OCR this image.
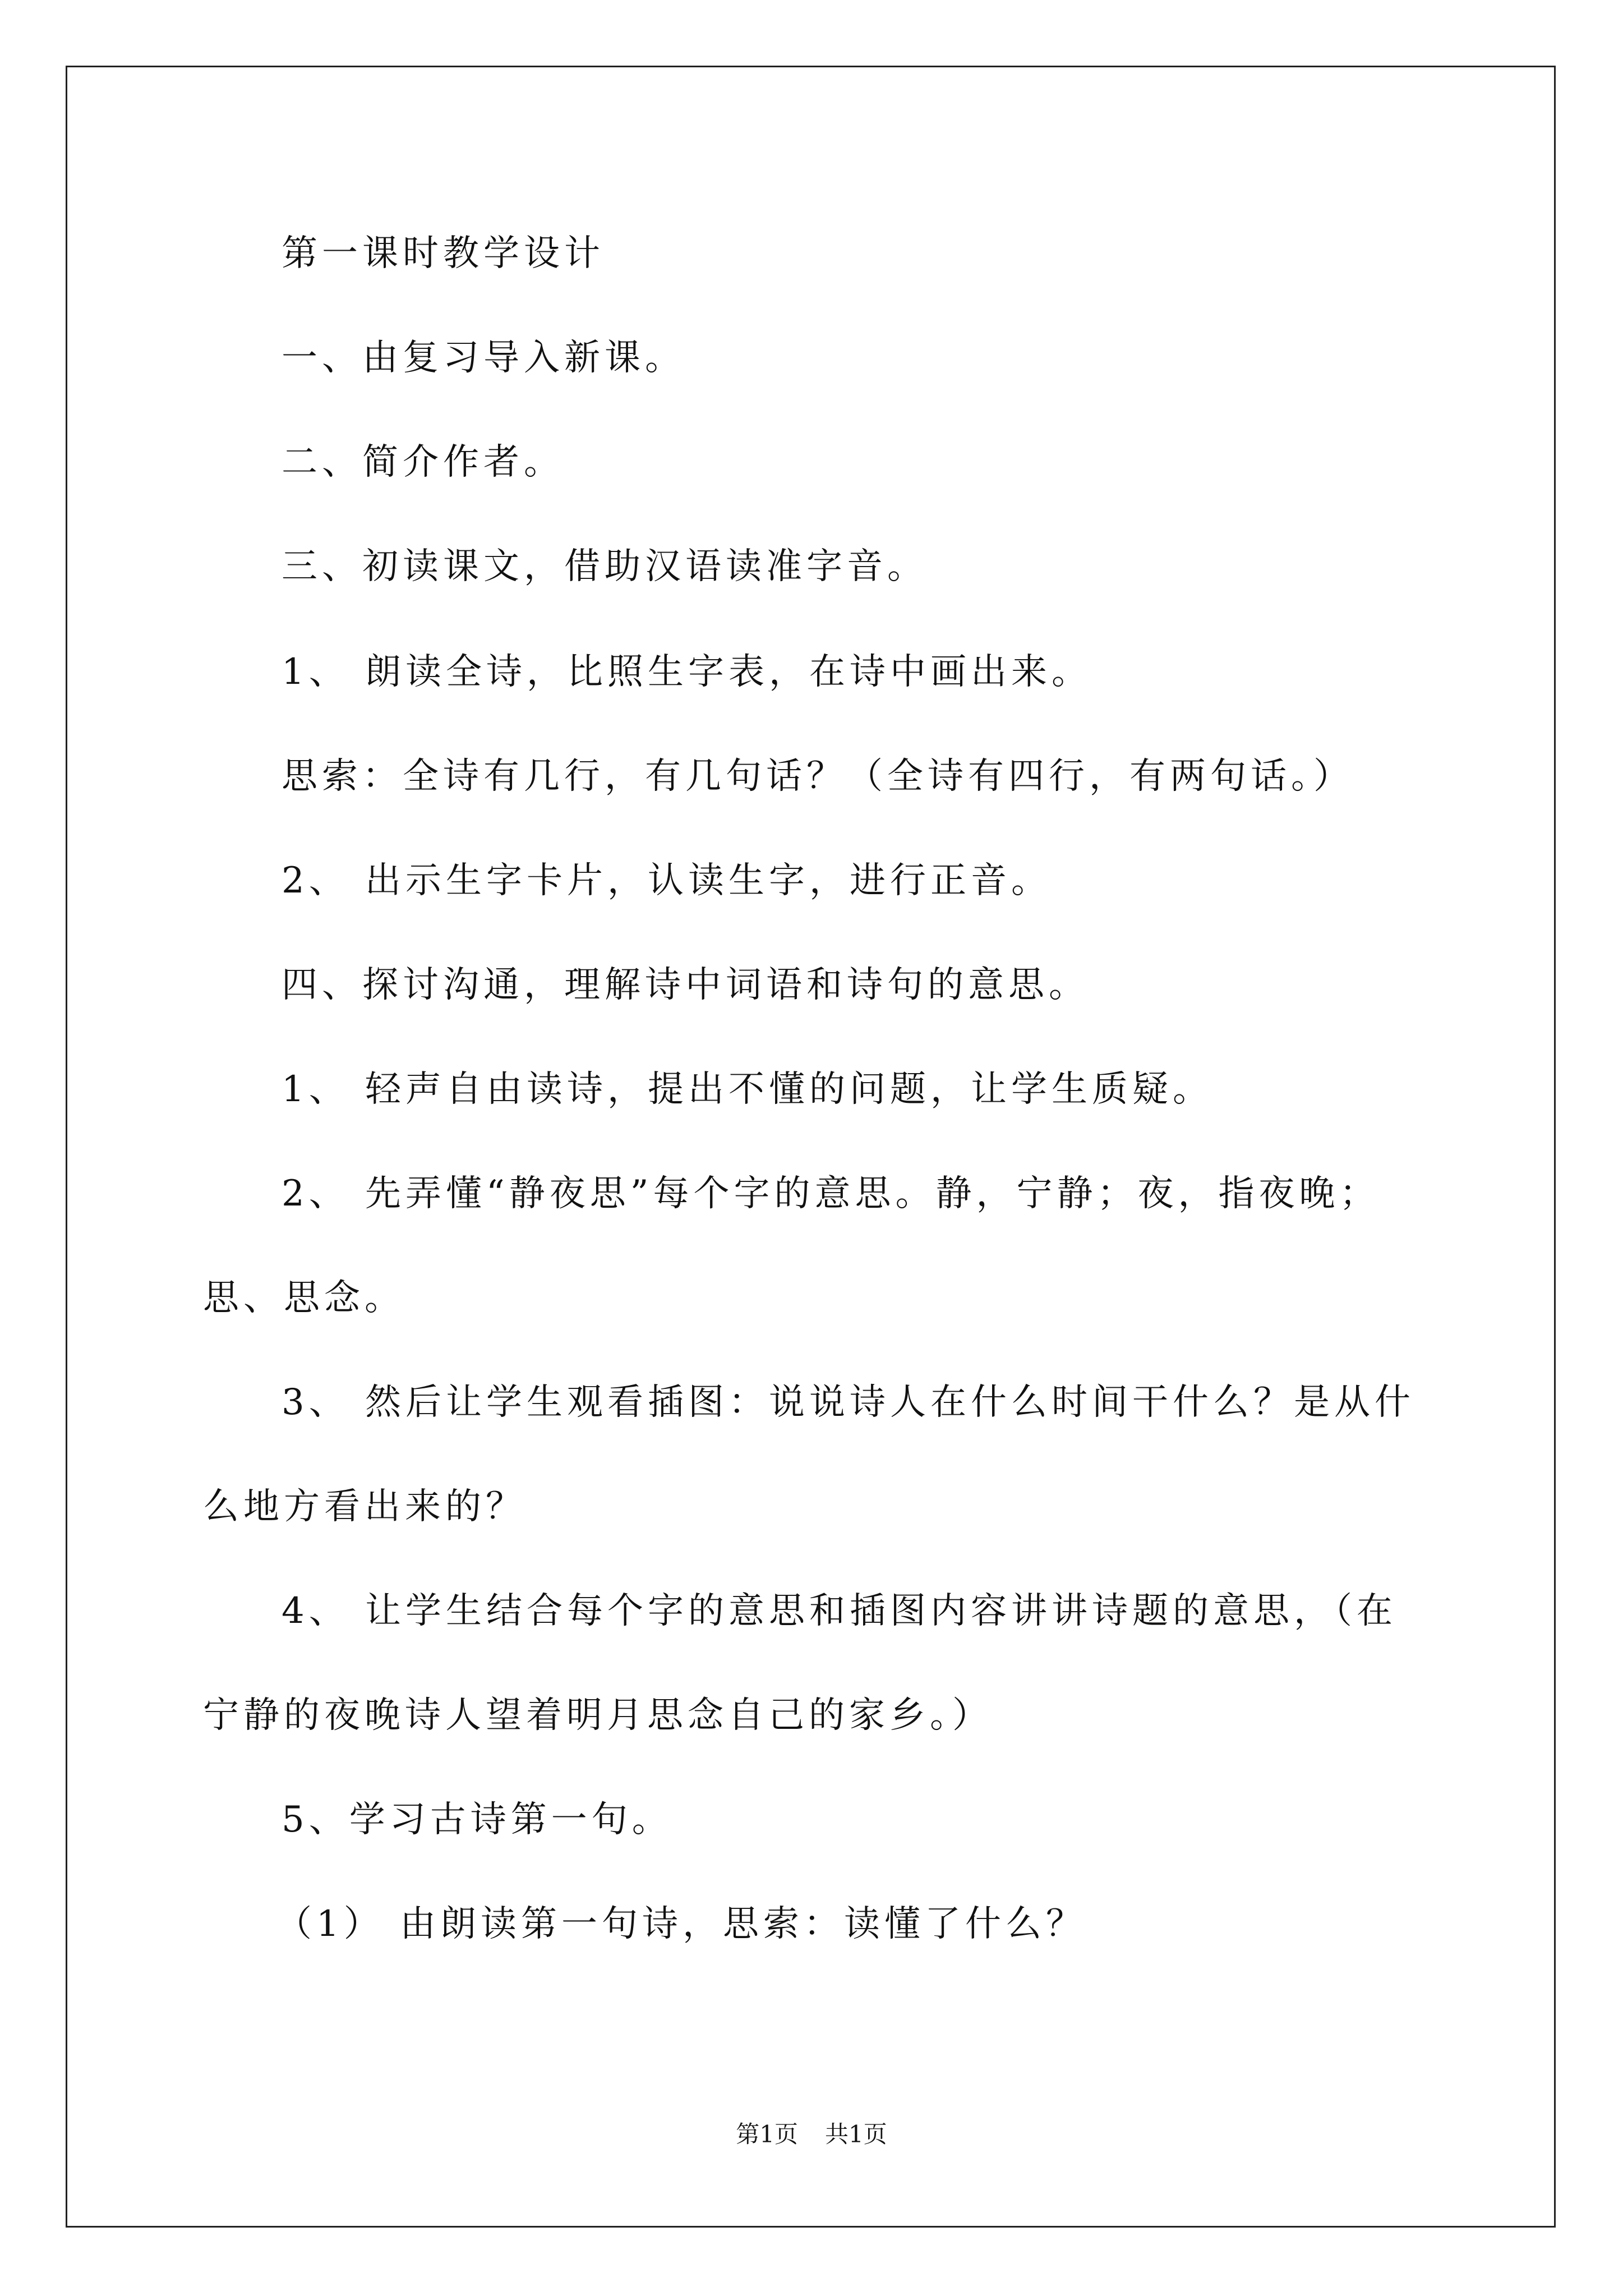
第一课时教学设计
一、由复习导入新课。
二、简介作者。
三、初读课文，借助汉语读准字音。
1、 朗读全诗，比照生字表，在诗中画出来。
思索：全诗有几行，有几句话？（全诗有四行，有两句话。）
2、 出示生字卡片，认读生字，进行正音。
四、探讨沟通，理解诗中词语和诗句的意思。
1、 轻声自由读诗，提出不懂的问题，让学生质疑。
2、 先弄懂“静夜思”每个字的意思。静，宁静；夜，指夜晚；
思、思念。
3、 然后让学生观看插图：说说诗人在什么时间干什么？是从什
么地方看出来的？
4、 让学生结合每个字的意思和插图内容讲讲诗题的意思，（在
宁静的夜晚诗人望着明月思念自己的家乡。）
5、学习古诗第一句。
（1） 由朗读第一句诗，思索：读懂了什么？
第1页 共1页
